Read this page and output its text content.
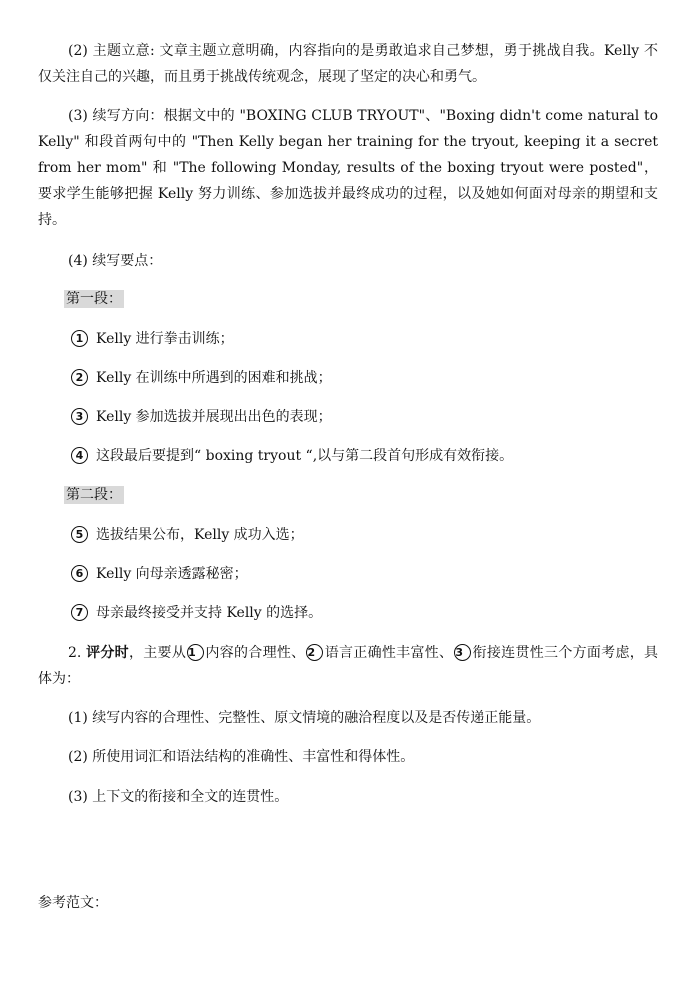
(2) 主题立意: 文章主题立意明确，内容指向的是勇敢追求自己梦想，勇于挑战自我。Kelly 不仅关注自己的兴趣，而且勇于挑战传统观念，展现了坚定的决心和勇气。

(3) 续写方向：根据文中的 "BOXING CLUB TRYOUT"、"Boxing didn't come natural to Kelly" 和段首两句中的 "Then Kelly began her training for the tryout, keeping it a secret from her mom" 和 "The following Monday, results of the boxing tryout were posted"，要求学生能够把握 Kelly 努力训练、参加选拔并最终成功的过程，以及她如何面对母亲的期望和支持。

(4) 续写要点：
第一段：
1 Kelly 进行拳击训练；
2 Kelly 在训练中所遇到的困难和挑战；
3 Kelly 参加选拔并展现出出色的表现；
4 这段最后要提到“ boxing tryout “,以与第二段首句形成有效衔接。
第二段：
5 选拔结果公布，Kelly 成功入选；
6 Kelly 向母亲透露秘密；
7 母亲最终接受并支持 Kelly 的选择。

2. 评分时，主要从 1 内容的合理性、 2 语言正确性丰富性、 3 衔接连贯性三个方面考虑，具体为：

(1) 续写内容的合理性、完整性、原文情境的融洽程度以及是否传递正能量。
(2) 所使用词汇和语法结构的准确性、丰富性和得体性。
(3) 上下文的衔接和全文的连贯性。
参考范文：
